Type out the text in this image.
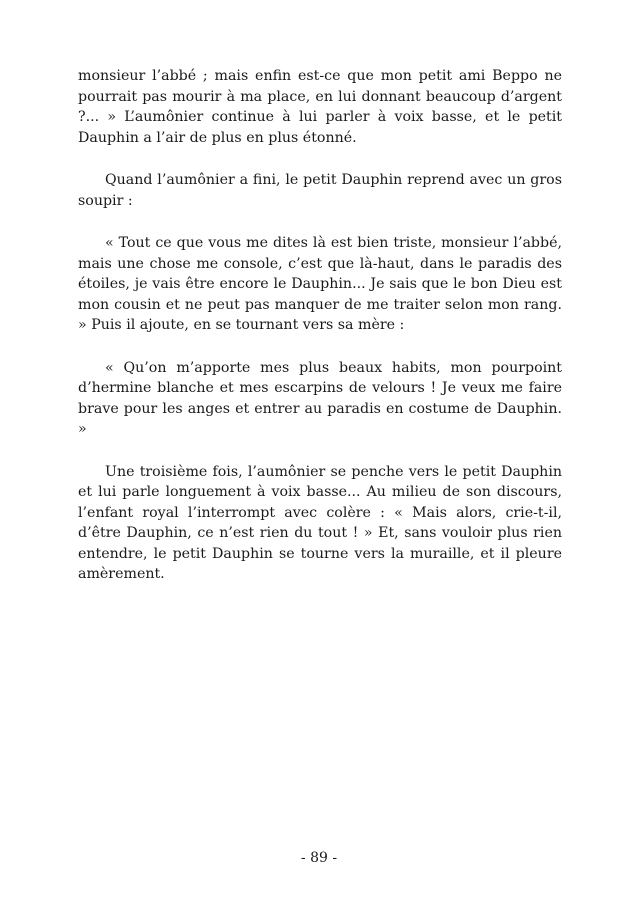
monsieur l’abbé ; mais enfin est-ce que mon petit ami Beppo ne pourrait pas mourir à ma place, en lui donnant beaucoup d’argent ?... » L’aumônier continue à lui parler à voix basse, et le petit Dauphin a l’air de plus en plus étonné.

Quand l’aumônier a fini, le petit Dauphin reprend avec un gros soupir :

« Tout ce que vous me dites là est bien triste, monsieur l’abbé, mais une chose me console, c’est que là-haut, dans le paradis des étoiles, je vais être encore le Dauphin... Je sais que le bon Dieu est mon cousin et ne peut pas manquer de me traiter selon mon rang. » Puis il ajoute, en se tournant vers sa mère :

« Qu’on m’apporte mes plus beaux habits, mon pourpoint d’hermine blanche et mes escarpins de velours ! Je veux me faire brave pour les anges et entrer au paradis en costume de Dauphin. »

Une troisième fois, l’aumônier se penche vers le petit Dauphin et lui parle longuement à voix basse... Au milieu de son discours, l’enfant royal l’interrompt avec colère : « Mais alors, crie-t-il, d’être Dauphin, ce n’est rien du tout ! » Et, sans vouloir plus rien entendre, le petit Dauphin se tourne vers la muraille, et il pleure amèrement.

- 89 -
